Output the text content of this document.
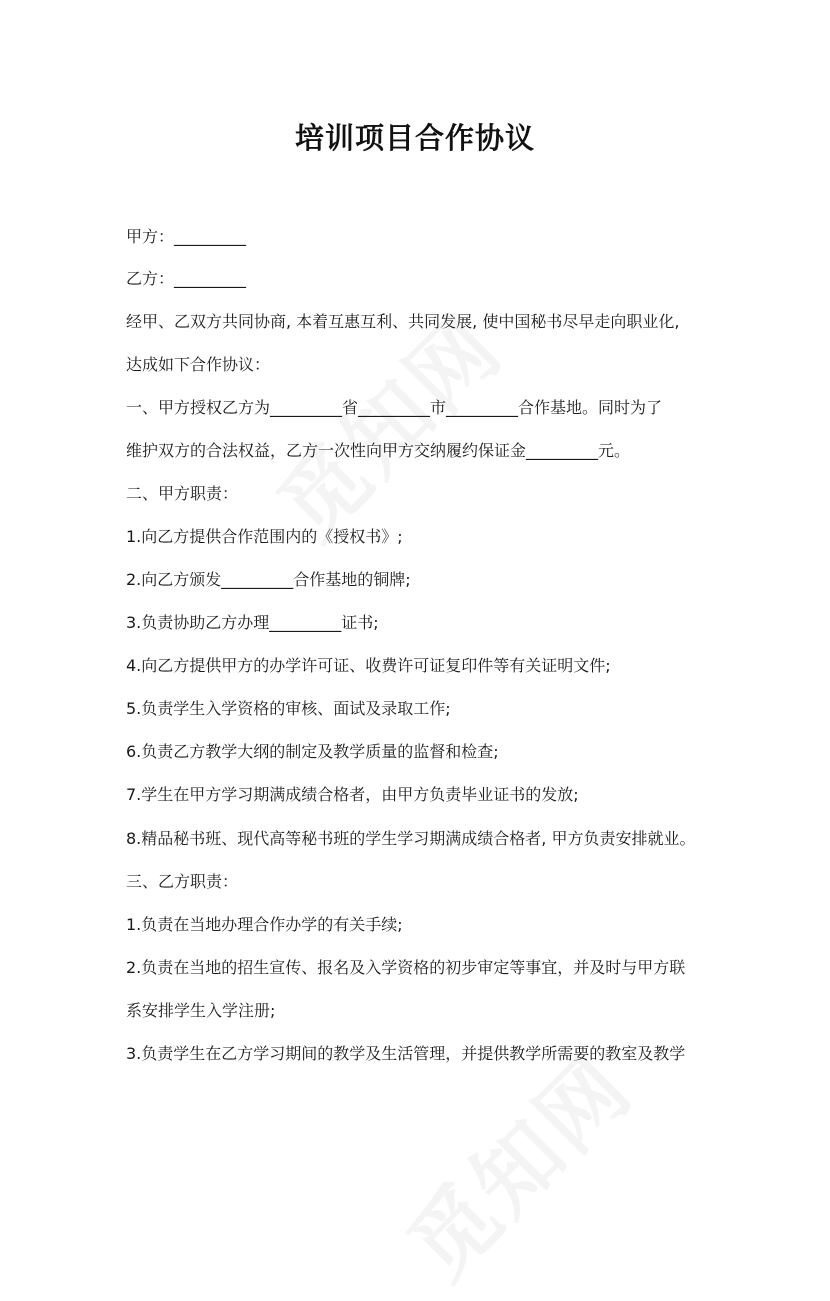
培训项目合作协议
甲方：_________
乙方：_________
经甲、乙双方共同协商, 本着互惠互利、共同发展, 使中国秘书尽早走向职业化,
达成如下合作协议：
一、甲方授权乙方为_________省_________市_________合作基地。同时为了
维护双方的合法权益，乙方一次性向甲方交纳履约保证金_________元。
二、甲方职责：
1.向乙方提供合作范围内的《授权书》;
2.向乙方颁发_________合作基地的铜牌;
3.负责协助乙方办理_________证书;
4.向乙方提供甲方的办学许可证、收费许可证复印件等有关证明文件;
5.负责学生入学资格的审核、面试及录取工作;
6.负责乙方教学大纲的制定及教学质量的监督和检查;
7.学生在甲方学习期满成绩合格者，由甲方负责毕业证书的发放;
8.精品秘书班、现代高等秘书班的学生学习期满成绩合格者, 甲方负责安排就业。
三、乙方职责：
1.负责在当地办理合作办学的有关手续;
2.负责在当地的招生宣传、报名及入学资格的初步审定等事宜，并及时与甲方联
系安排学生入学注册;
3.负责学生在乙方学习期间的教学及生活管理，并提供教学所需要的教室及教学
